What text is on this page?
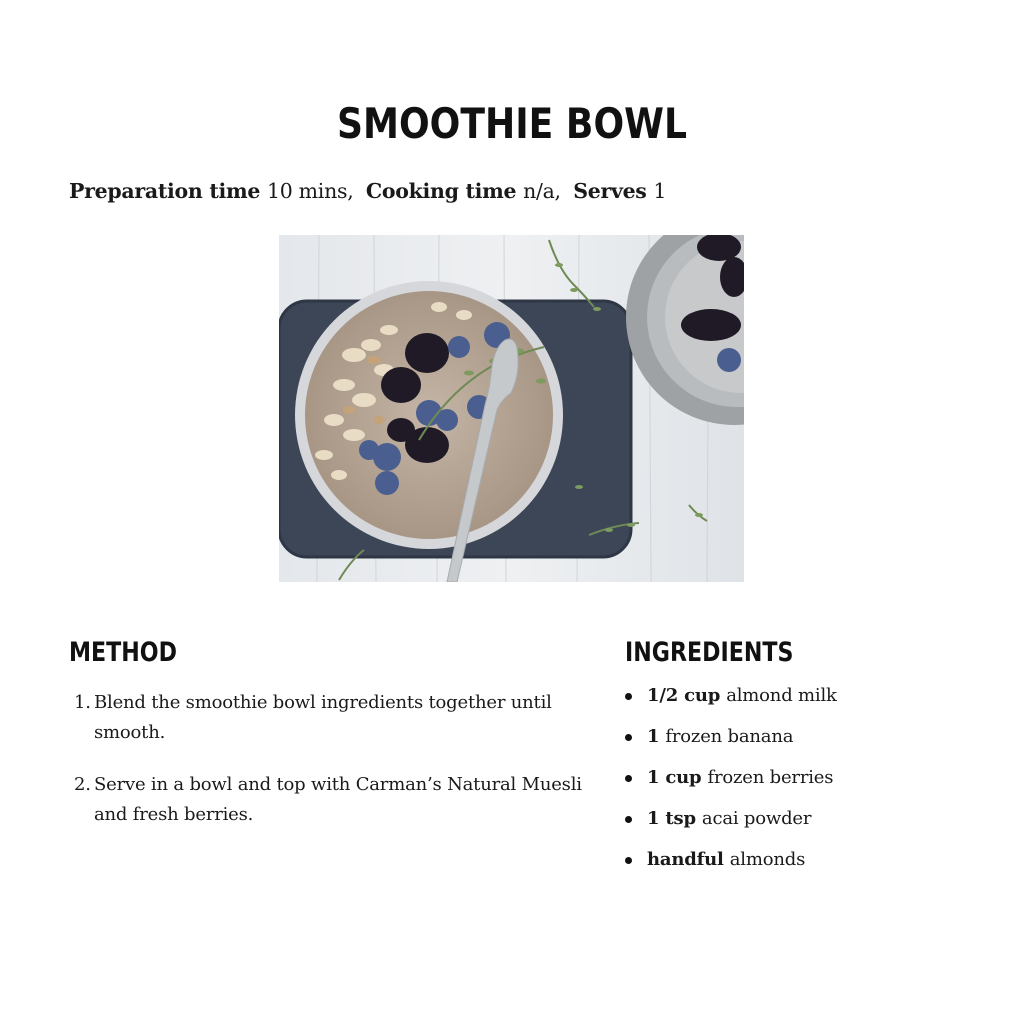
SMOOTHIE BOWL
Preparation time 10 mins, Cooking time n/a, Serves 1
METHOD
1. Blend the smoothie bowl ingredients together until smooth.
2. Serve in a bowl and top with Carman’s Natural Muesli and fresh berries.
INGREDIENTS
1/2 cup almond milk
1 frozen banana
1 cup frozen berries
1 tsp acai powder
handful almonds
